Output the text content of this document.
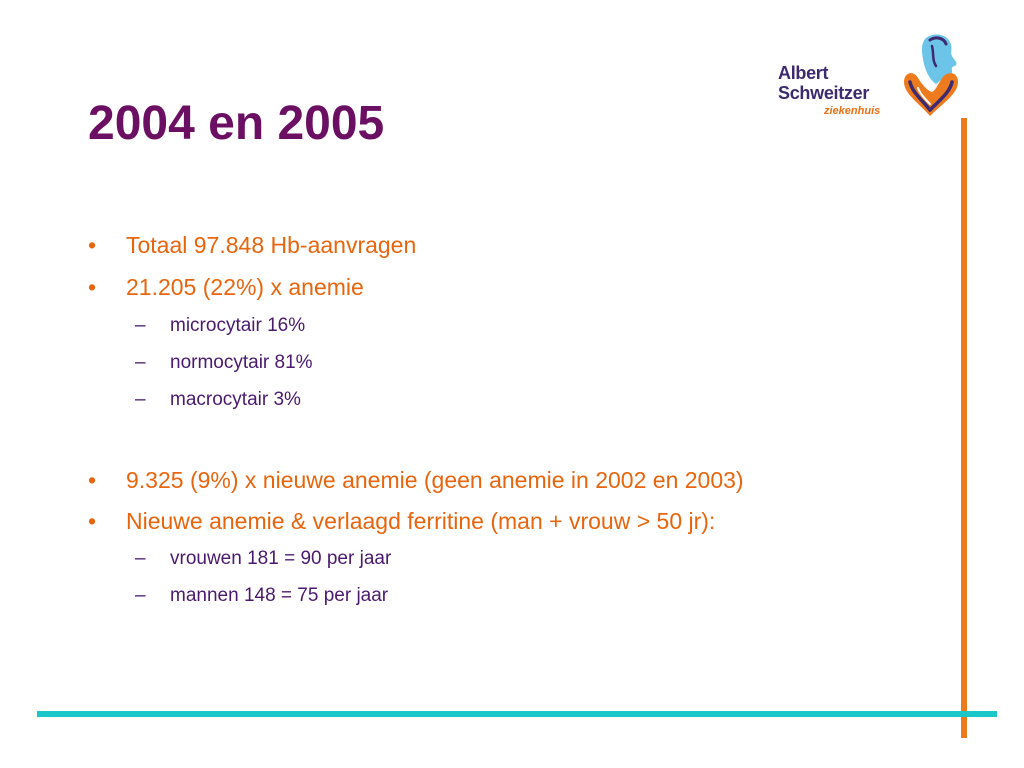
2004 en 2005
Albert
Schweitzer
ziekenhuis
• Totaal 97.848 Hb-aanvragen
• 21.205 (22%) x anemie
– microcytair 16%
– normocytair 81%
– macrocytair 3%
• 9.325 (9%) x nieuwe anemie (geen anemie in 2002 en 2003)
• Nieuwe anemie & verlaagd ferritine (man + vrouw > 50 jr):
– vrouwen 181 = 90 per jaar
– mannen 148 = 75 per jaar
